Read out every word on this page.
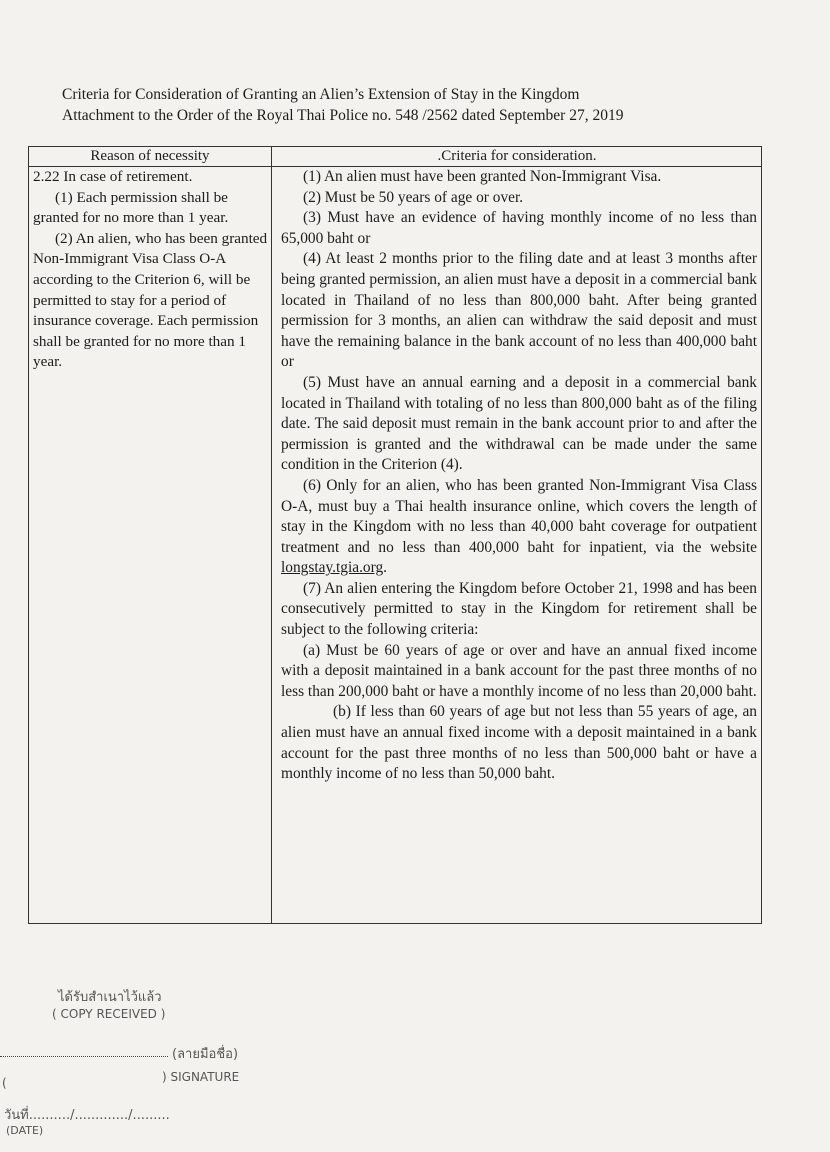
Criteria for Consideration of Granting an Alien’s Extension of Stay in the Kingdom
Attachment to the Order of the Royal Thai Police no. 548 /2562 dated September 27, 2019
Reason of necessity	.Criteria for consideration.

2.22 In case of retirement.

(1) Each permission shall be granted for no more than 1 year.

(2) An alien, who has been granted Non-Immigrant Visa Class O-A according to the Criterion 6, will be permitted to stay for a period of insurance coverage. Each permission shall be granted for no more than 1 year.

(1) An alien must have been granted Non-Immigrant Visa.

(2) Must be 50 years of age or over.

(3) Must have an evidence of having monthly income of no less than 65,000 baht or

(4) At least 2 months prior to the filing date and at least 3 months after being granted permission, an alien must have a deposit in a commercial bank located in Thailand of no less than 800,000 baht. After being granted permission for 3 months, an alien can withdraw the said deposit and must have the remaining balance in the bank account of no less than 400,000 baht or

(5) Must have an annual earning and a deposit in a commercial bank located in Thailand with totaling of no less than 800,000 baht as of the filing date. The said deposit must remain in the bank account prior to and after the permission is granted and the withdrawal can be made under the same condition in the Criterion (4).

(6) Only for an alien, who has been granted Non-Immigrant Visa Class O-A, must buy a Thai health insurance online, which covers the length of stay in the Kingdom with no less than 40,000 baht coverage for outpatient treatment and no less than 400,000 baht for inpatient, via the website longstay.tgia.org.

(7) An alien entering the Kingdom before October 21, 1998 and has been consecutively permitted to stay in the Kingdom for retirement shall be subject to the following criteria:

(a) Must be 60 years of age or over and have an annual fixed income with a deposit maintained in a bank account for the past three months of no less than 200,000 baht or have a monthly income of no less than 20,000 baht.

(b) If less than 60 years of age but not less than 55 years of age, an alien must have an annual fixed income with a deposit maintained in a bank account for the past three months of no less than 500,000 baht or have a monthly income of no less than 50,000 baht.

ได้รับสำเนาไว้แล้ว
( COPY RECEIVED )
(ลายมือชื่อ)
(	) SIGNATURE
วันที่........../............./.........
(DATE)
